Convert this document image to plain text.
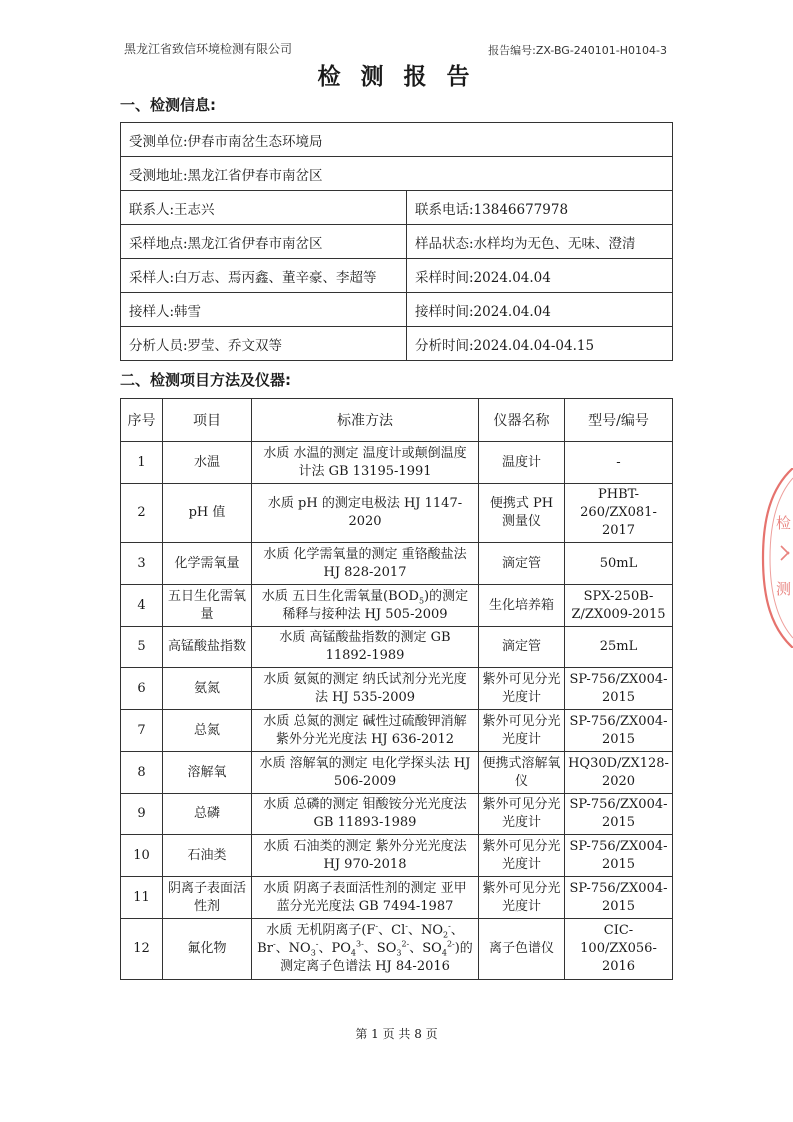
黑龙江省致信环境检测有限公司	报告编号:ZX-BG-240101-H0104-3
检 测 报 告
一、检测信息:
受测单位:伊春市南岔生态环境局	
受测地址:黑龙江省伊春市南岔区	
联系人:王志兴	联系电话:13846677978
采样地点:黑龙江省伊春市南岔区	样品状态:水样均为无色、无味、澄清
采样人:白万志、焉丙鑫、董辛豪、李超等	采样时间:2024.04.04
接样人:韩雪	接样时间:2024.04.04
分析人员:罗莹、乔文双等	分析时间:2024.04.04-04.15
二、检测项目方法及仪器:
序号	项目	标准方法	仪器名称	型号/编号
1	水温	水质 水温的测定 温度计或颠倒温度计法 GB 13195-1991	温度计	-
2	pH 值	水质 pH 的测定电极法 HJ 1147-2020	便携式 PH 测量仪	PHBT-260/ZX081-2017
3	化学需氧量	水质 化学需氧量的测定 重铬酸盐法 HJ 828-2017	滴定管	50mL
4	五日生化需氧量	水质 五日生化需氧量$(BOD_5)$的测定 稀释与接种法 HJ 505-2009	生化培养箱	SPX-250B-Z/ZX009-2015
5	高锰酸盐指数	水质 高锰酸盐指数的测定 GB 11892-1989	滴定管	25mL
6	氨氮	水质 氨氮的测定 纳氏试剂分光光度法 HJ 535-2009	紫外可见分光光度计	SP-756/ZX004-2015
7	总氮	水质 总氮的测定 碱性过硫酸钾消解紫外分光光度法 HJ 636-2012	紫外可见分光光度计	SP-756/ZX004-2015
8	溶解氧	水质 溶解氧的测定 电化学探头法 HJ 506-2009	便携式溶解氧仪	HQ30D/ZX128-2020
9	总磷	水质 总磷的测定 钼酸铵分光光度法 GB 11893-1989	紫外可见分光光度计	SP-756/ZX004-2015
10	石油类	水质 石油类的测定 紫外分光光度法 HJ 970-2018	紫外可见分光光度计	SP-756/ZX004-2015
11	阴离子表面活性剂	水质 阴离子表面活性剂的测定 亚甲蓝分光光度法 GB 7494-1987	紫外可见分光光度计	SP-756/ZX004-2015
12	氟化物	水质 无机阴离子(F-、Cl-、$NO_2^-$、Br-、$NO_3^-$、$PO_4^{3-}$、$SO_3^{2-}$、$SO_4^{2-}$)的测定离子色谱法 HJ 84-2016	离子色谱仪	CIC-100/ZX056-2016
第 1 页 共 8 页
检
测
